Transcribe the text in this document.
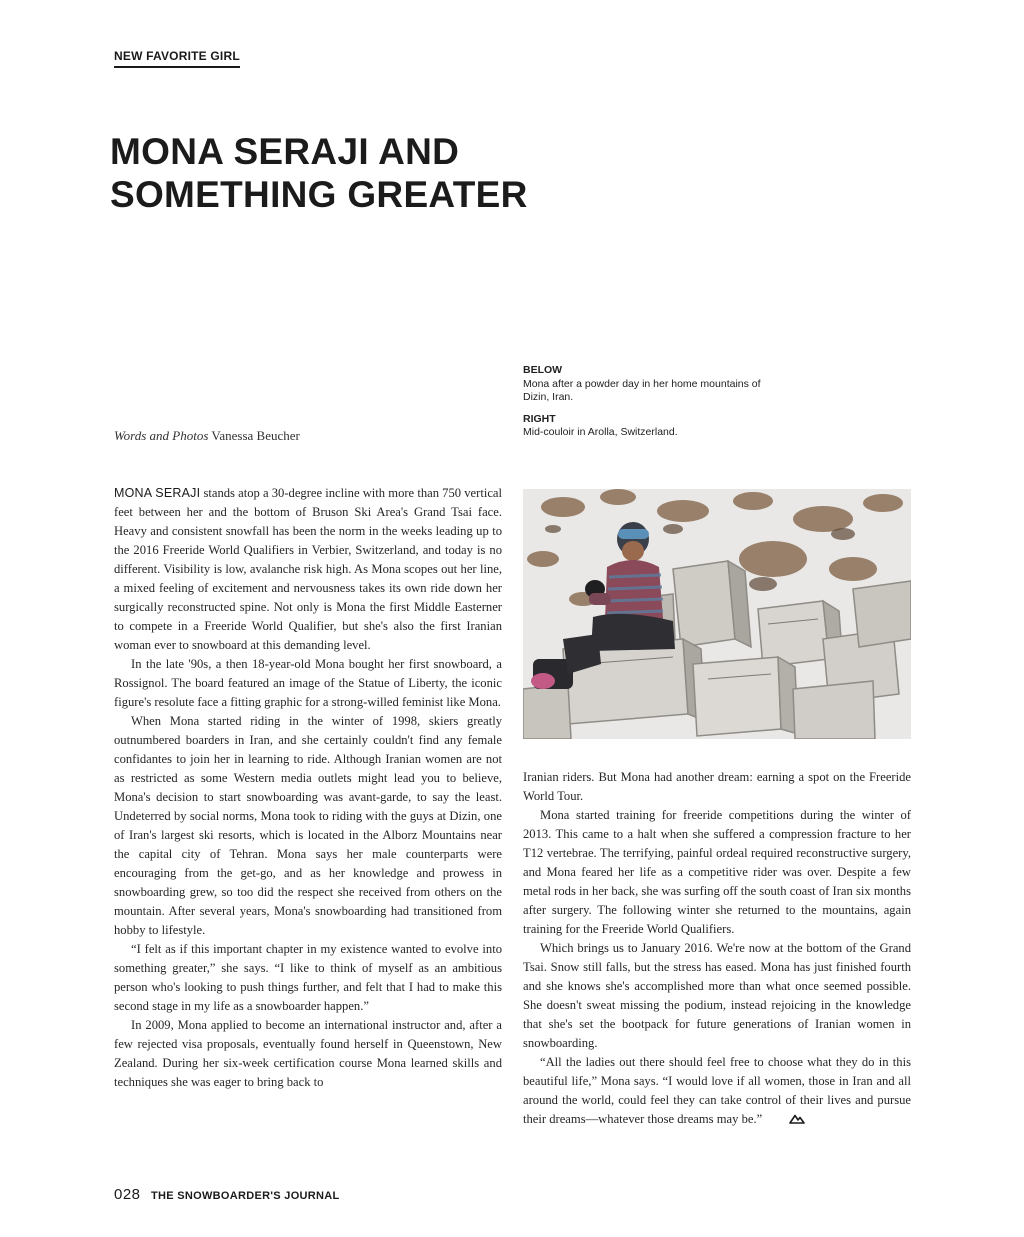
NEW FAVORITE GIRL
MONA SERAJI AND
SOMETHING GREATER
BELOW
Mona after a powder day in her home mountains of Dizin, Iran.
RIGHT
Mid-couloir in Arolla, Switzerland.
Words and Photos Vanessa Beucher

MONA SERAJI stands atop a 30-degree incline with more than 750 vertical feet between her and the bottom of Bruson Ski Area's Grand Tsai face. Heavy and consistent snowfall has been the norm in the weeks leading up to the 2016 Freeride World Qualifiers in Verbier, Switzerland, and today is no different. Visibility is low, avalanche risk high. As Mona scopes out her line, a mixed feeling of excitement and nervousness takes its own ride down her surgically reconstructed spine. Not only is Mona the first Middle Easterner to compete in a Freeride World Qualifier, but she's also the first Iranian woman ever to snowboard at this demanding level.

In the late '90s, a then 18-year-old Mona bought her first snowboard, a Rossignol. The board featured an image of the Statue of Liberty, the iconic figure's resolute face a fitting graphic for a strong-willed feminist like Mona.

When Mona started riding in the winter of 1998, skiers greatly outnumbered boarders in Iran, and she certainly couldn't find any female confidantes to join her in learning to ride. Although Iranian women are not as restricted as some Western media outlets might lead you to believe, Mona's decision to start snowboarding was avant-garde, to say the least. Undeterred by social norms, Mona took to riding with the guys at Dizin, one of Iran's largest ski resorts, which is located in the Alborz Mountains near the capital city of Tehran. Mona says her male counterparts were encouraging from the get-go, and as her knowledge and prowess in snowboarding grew, so too did the respect she received from others on the mountain. After several years, Mona's snowboarding had transitioned from hobby to lifestyle.

“I felt as if this important chapter in my existence wanted to evolve into something greater,” she says. “I like to think of myself as an ambitious person who's looking to push things further, and felt that I had to make this second stage in my life as a snowboarder happen.”

In 2009, Mona applied to become an international instructor and, after a few rejected visa proposals, eventually found herself in Queenstown, New Zealand. During her six-week certification course Mona learned skills and techniques she was eager to bring back to

Iranian riders. But Mona had another dream: earning a spot on the Freeride World Tour.

Mona started training for freeride competitions during the winter of 2013. This came to a halt when she suffered a compression fracture to her T12 vertebrae. The terrifying, painful ordeal required reconstructive surgery, and Mona feared her life as a competitive rider was over. Despite a few metal rods in her back, she was surfing off the south coast of Iran six months after surgery. The following winter she returned to the mountains, again training for the Freeride World Qualifiers.

Which brings us to January 2016. We're now at the bottom of the Grand Tsai. Snow still falls, but the stress has eased. Mona has just finished fourth and she knows she's accomplished more than what once seemed possible. She doesn't sweat missing the podium, instead rejoicing in the knowledge that she's set the bootpack for future generations of Iranian women in snowboarding.

“All the ladies out there should feel free to choose what they do in this beautiful life,” Mona says. “I would love if all women, those in Iran and all around the world, could feel they can take control of their lives and pursue their dreams—whatever those dreams may be.”

028 THE SNOWBOARDER'S JOURNAL
